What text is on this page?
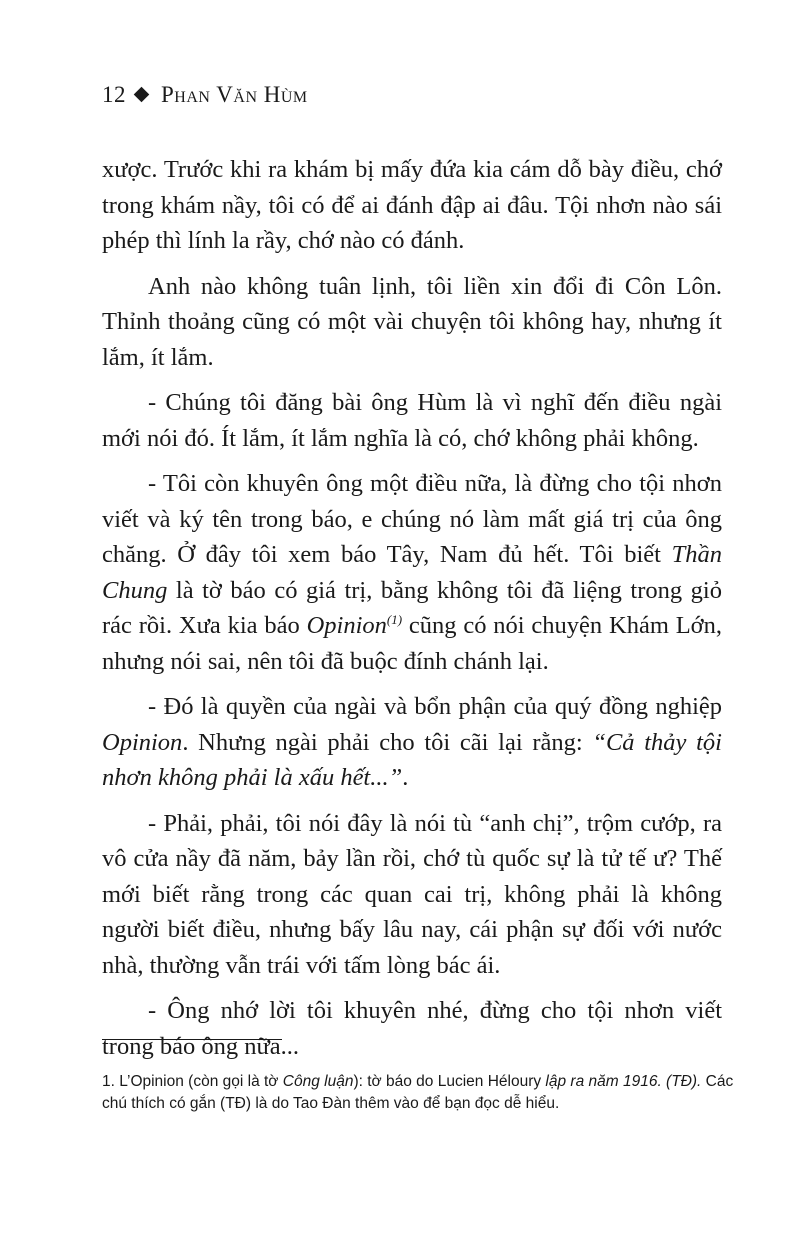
12 Phan Văn Hùm

xược. Trước khi ra khám bị mấy đứa kia cám dỗ bày điều, chớ trong khám nầy, tôi có để ai đánh đập ai đâu. Tội nhơn nào sái phép thì lính la rầy, chớ nào có đánh.

Anh nào không tuân lịnh, tôi liền xin đổi đi Côn Lôn. Thỉnh thoảng cũng có một vài chuyện tôi không hay, nhưng ít lắm, ít lắm.

- Chúng tôi đăng bài ông Hùm là vì nghĩ đến điều ngài mới nói đó. Ít lắm, ít lắm nghĩa là có, chớ không phải không.

- Tôi còn khuyên ông một điều nữa, là đừng cho tội nhơn viết và ký tên trong báo, e chúng nó làm mất giá trị của ông chăng. Ở đây tôi xem báo Tây, Nam đủ hết. Tôi biết Thần Chung là tờ báo có giá trị, bằng không tôi đã liệng trong giỏ rác rồi. Xưa kia báo Opinion$^{(1)}$ cũng có nói chuyện Khám Lớn, nhưng nói sai, nên tôi đã buộc đính chánh lại.

- Đó là quyền của ngài và bổn phận của quý đồng nghiệp Opinion. Nhưng ngài phải cho tôi cãi lại rằng: “Cả thảy tội nhơn không phải là xấu hết...”.

- Phải, phải, tôi nói đây là nói tù “anh chị”, trộm cướp, ra vô cửa nầy đã năm, bảy lần rồi, chớ tù quốc sự là tử tế ư? Thế mới biết rằng trong các quan cai trị, không phải là không người biết điều, nhưng bấy lâu nay, cái phận sự đối với nước nhà, thường vẫn trái với tấm lòng bác ái.

- Ông nhớ lời tôi khuyên nhé, đừng cho tội nhơn viết trong báo ông nữa...

1. L’Opinion (còn gọi là tờ Công luận): tờ báo do Lucien Héloury lập ra năm 1916. (TĐ). Các chú thích có gắn (TĐ) là do Tao Đàn thêm vào để bạn đọc dễ hiểu.
